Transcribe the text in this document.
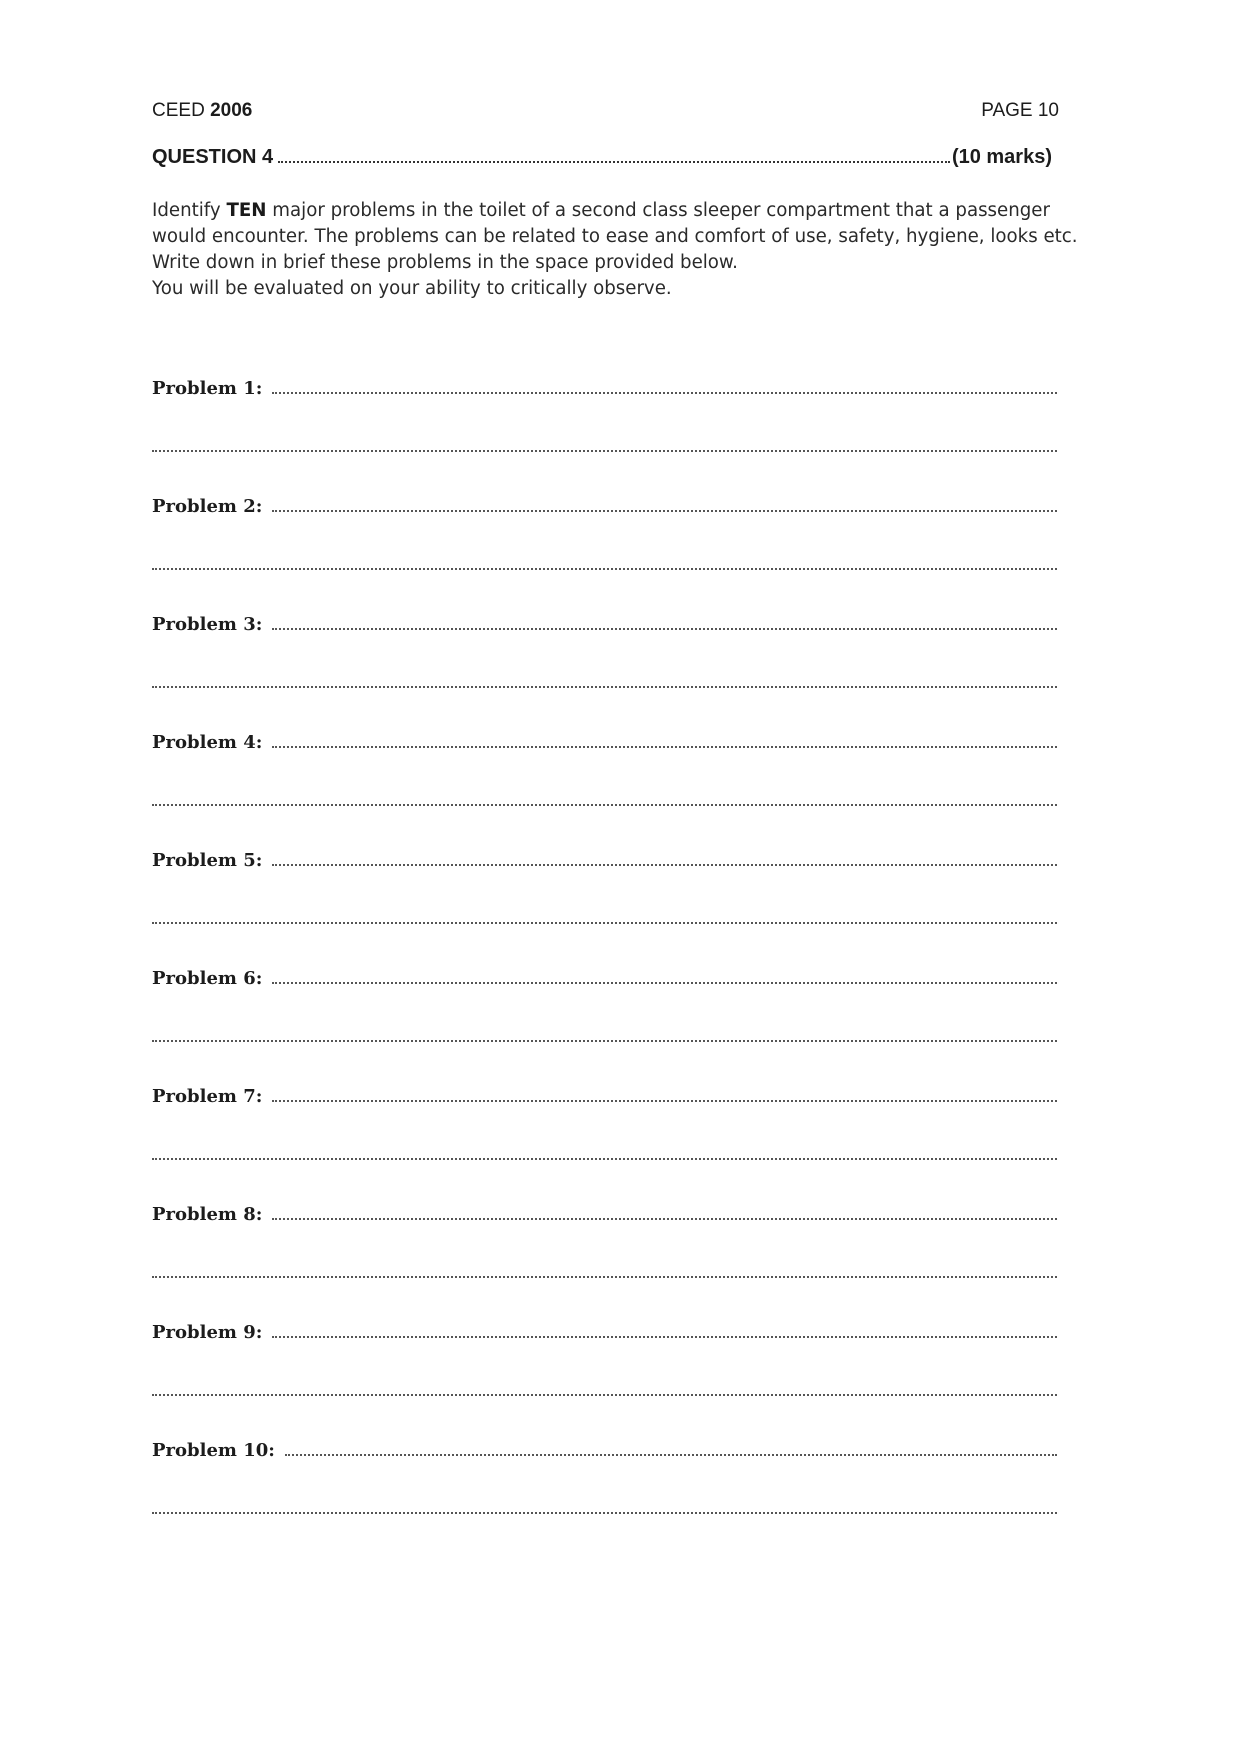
CEED 2006	PAGE 10
QUESTION 4	(10 marks)

Identify TEN major problems in the toilet of a second class sleeper compartment that a passenger

would encounter. The problems can be related to ease and comfort of use, safety, hygiene, looks etc.

Write down in brief these problems in the space provided below.

You will be evaluated on your ability to critically observe.

Problem 1:
Problem 2:
Problem 3:
Problem 4:
Problem 5:
Problem 6:
Problem 7:
Problem 8:
Problem 9:
Problem 10:
